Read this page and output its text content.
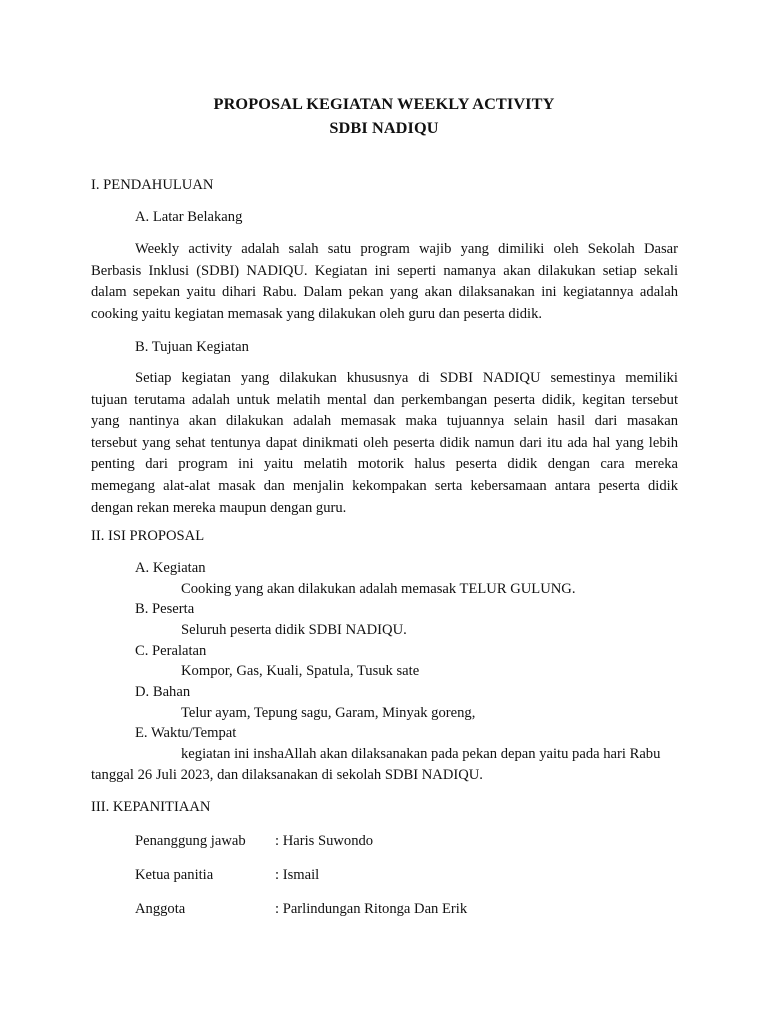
PROPOSAL KEGIATAN WEEKLY ACTIVITY
SDBI NADIQU
I. PENDAHULUAN
A. Latar Belakang
Weekly activity adalah salah satu program wajib yang dimiliki oleh Sekolah Dasar
Berbasis Inklusi (SDBI) NADIQU. Kegiatan ini seperti namanya akan dilakukan setiap sekali
dalam sepekan yaitu dihari Rabu. Dalam pekan yang akan dilaksanakan ini kegiatannya adalah
cooking yaitu kegiatan memasak yang dilakukan oleh guru dan peserta didik.
B. Tujuan Kegiatan
Setiap kegiatan yang dilakukan khususnya di SDBI NADIQU semestinya memiliki
tujuan terutama adalah untuk melatih mental dan perkembangan peserta didik, kegitan tersebut
yang nantinya akan dilakukan adalah memasak maka tujuannya selain hasil dari masakan
tersebut yang sehat tentunya dapat dinikmati oleh peserta didik namun dari itu ada hal yang lebih
penting dari program ini yaitu melatih motorik halus peserta didik dengan cara mereka
memegang alat-alat masak dan menjalin kekompakan serta kebersamaan antara peserta didik
dengan rekan mereka maupun dengan guru.
II. ISI PROPOSAL
A. Kegiatan
Cooking yang akan dilakukan adalah memasak TELUR GULUNG.
B. Peserta
Seluruh peserta didik SDBI NADIQU.
C. Peralatan
Kompor, Gas, Kuali, Spatula, Tusuk sate
D. Bahan
Telur ayam, Tepung sagu, Garam, Minyak goreng,
E. Waktu/Tempat
kegiatan ini inshaAllah akan dilaksanakan pada pekan depan yaitu pada hari Rabu
tanggal 26 Juli 2023, dan dilaksanakan di sekolah SDBI NADIQU.
III. KEPANITIAAN
Penanggung jawab : Haris Suwondo
Ketua panitia	: Ismail
Anggota	: Parlindungan Ritonga Dan Erik
